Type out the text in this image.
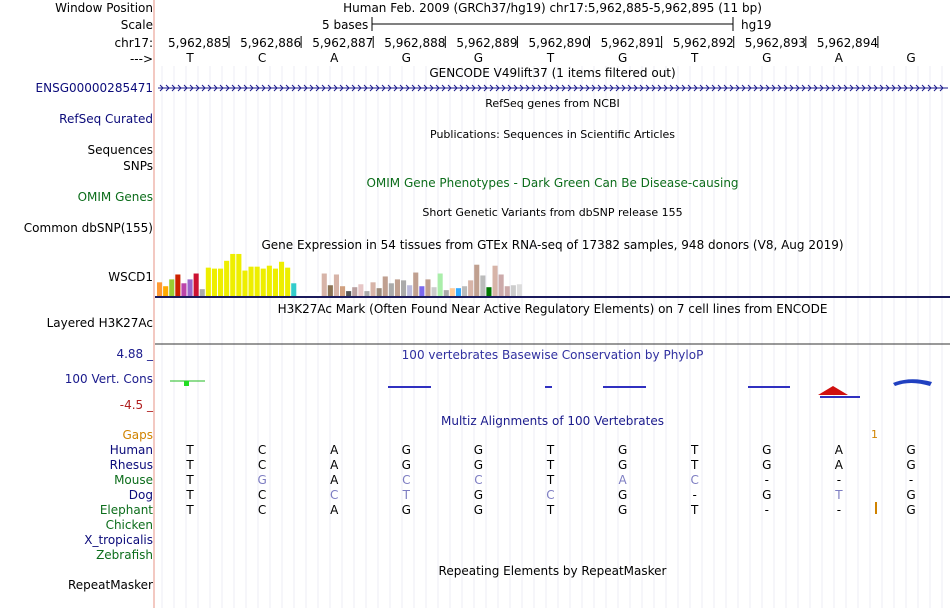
Window Position	Human Feb. 2009 (GRCh37/hg19) chr17:5,962,885-5,962,895 (11 bp)
Scale	5 bases	hg19
chr17:
--->
5,962,885 5,962,886 5,962,887 5,962,888 5,962,889 5,962,890 5,962,891 5,962,892 5,962,893 5,962,894
T	C	A	G	G	T	G	T	G	A	G
GENCODE V49lift37 (1 items filtered out)
ENSG00000285471
RefSeq genes from NCBI
RefSeq Curated
Publications: Sequences in Scientific Articles
Sequences
SNPs
OMIM Gene Phenotypes - Dark Green Can Be Disease-causing
OMIM Genes
Short Genetic Variants from dbSNP release 155
Common dbSNP(155)
Gene Expression in 54 tissues from GTEx RNA-seq of 17382 samples, 948 donors (V8, Aug 2019)
WSCD1
H3K27Ac Mark (Often Found Near Active Regulatory Elements) on 7 cell lines from ENCODE
Layered H3K27Ac
100 vertebrates Basewise Conservation by PhyloP
4.88 _
100 Vert. Cons
-4.5 _
Multiz Alignments of 100 Vertebrates
Gaps	1
Human	T	C	A	G	G	T	G	T	G	A	G
Rhesus	T	C	A	G	G	T	G	T	G	A	G
Mouse	T	G	A	C	C	T	A	C	-	-	-
Dog	T	C	C	T	G	C	G	-	G	T	G
Elephant	T	C	A	G	G	T	G	T	-	-	G
Chicken
X_tropicalis
Zebrafish
Repeating Elements by RepeatMasker
RepeatMasker
